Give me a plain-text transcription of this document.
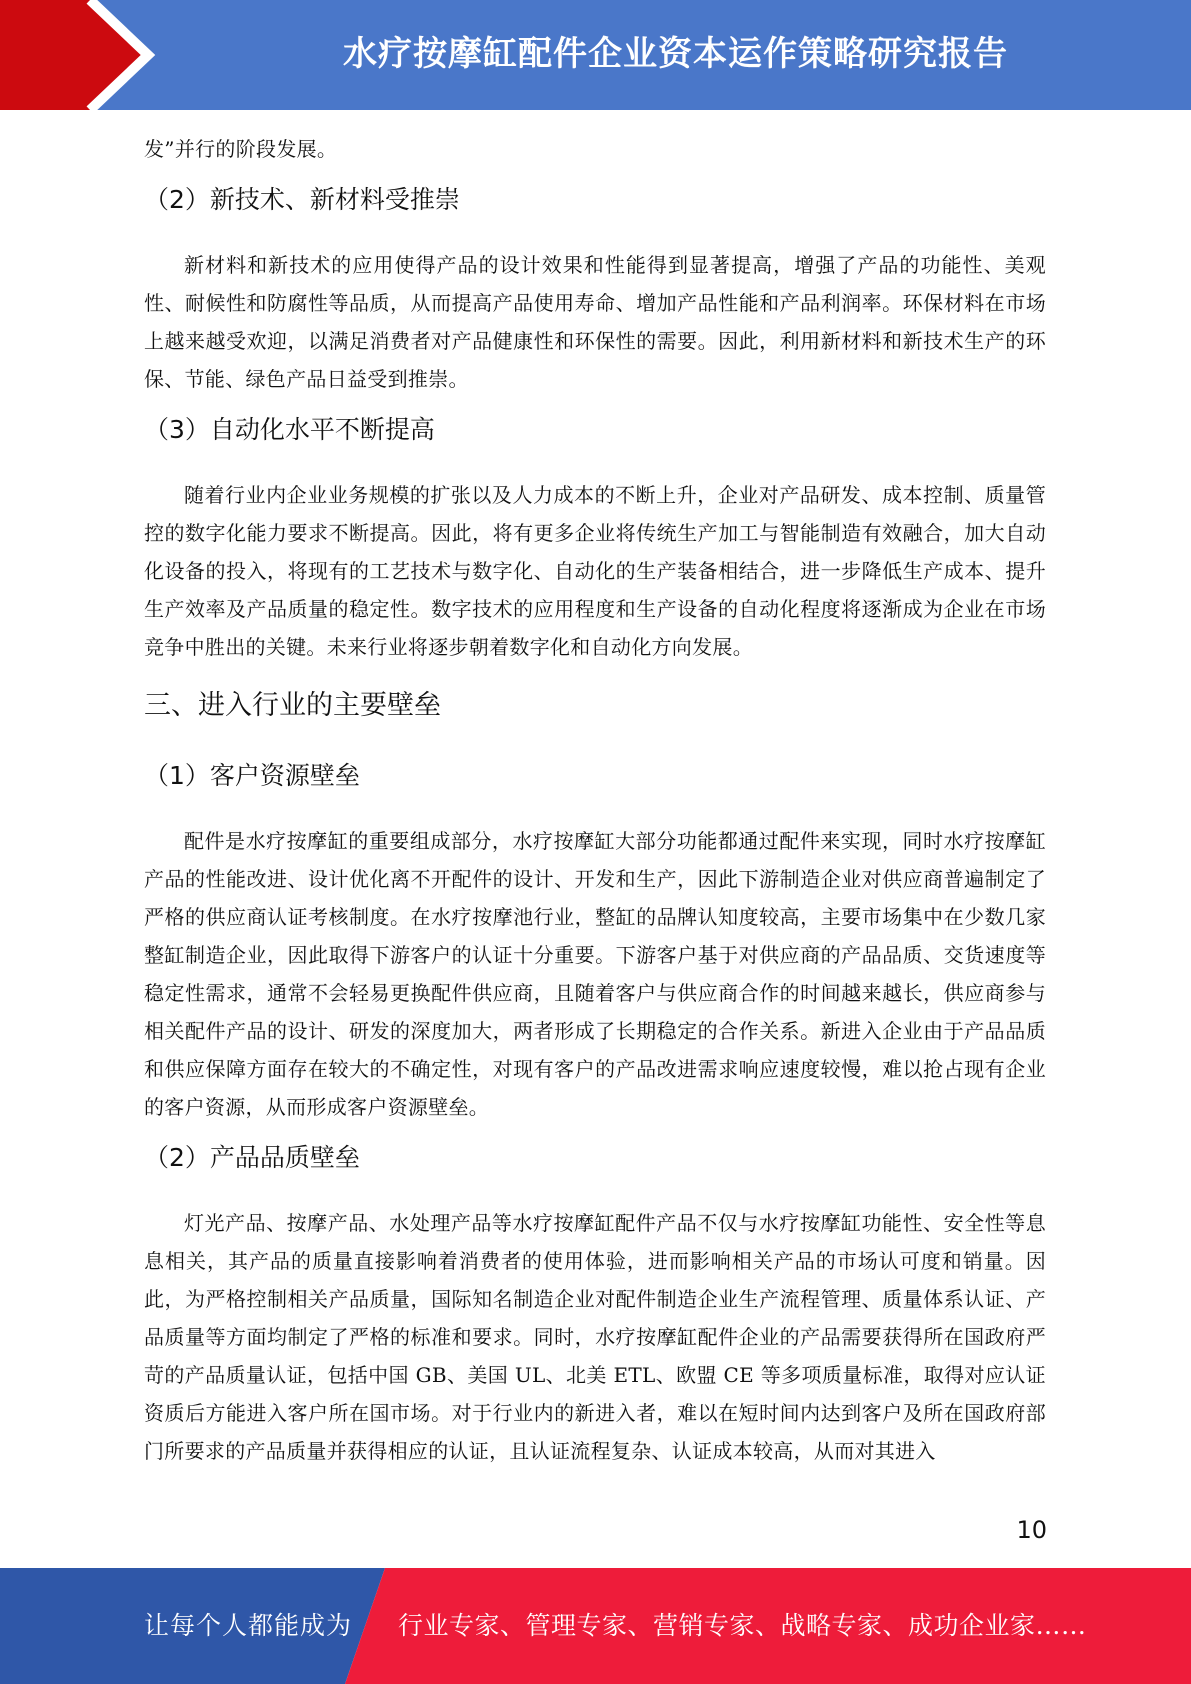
水疗按摩缸配件企业资本运作策略研究报告

发”并行的阶段发展。

（2）新技术、新材料受推崇

新材料和新技术的应用使得产品的设计效果和性能得到显著提高，增强了产品的功能性、美观性、耐候性和防腐性等品质，从而提高产品使用寿命、增加产品性能和产品利润率。环保材料在市场上越来越受欢迎，以满足消费者对产品健康性和环保性的需要。因此，利用新材料和新技术生产的环保、节能、绿色产品日益受到推崇。

（3）自动化水平不断提高

随着行业内企业业务规模的扩张以及人力成本的不断上升，企业对产品研发、成本控制、质量管控的数字化能力要求不断提高。因此，将有更多企业将传统生产加工与智能制造有效融合，加大自动化设备的投入，将现有的工艺技术与数字化、自动化的生产装备相结合，进一步降低生产成本、提升生产效率及产品质量的稳定性。数字技术的应用程度和生产设备的自动化程度将逐渐成为企业在市场竞争中胜出的关键。未来行业将逐步朝着数字化和自动化方向发展。

三、进入行业的主要壁垒
（1）客户资源壁垒

配件是水疗按摩缸的重要组成部分，水疗按摩缸大部分功能都通过配件来实现，同时水疗按摩缸产品的性能改进、设计优化离不开配件的设计、开发和生产，因此下游制造企业对供应商普遍制定了严格的供应商认证考核制度。在水疗按摩池行业，整缸的品牌认知度较高，主要市场集中在少数几家整缸制造企业，因此取得下游客户的认证十分重要。下游客户基于对供应商的产品品质、交货速度等稳定性需求，通常不会轻易更换配件供应商，且随着客户与供应商合作的时间越来越长，供应商参与相关配件产品的设计、研发的深度加大，两者形成了长期稳定的合作关系。新进入企业由于产品品质和供应保障方面存在较大的不确定性，对现有客户的产品改进需求响应速度较慢，难以抢占现有企业的客户资源，从而形成客户资源壁垒。

（2）产品品质壁垒

灯光产品、按摩产品、水处理产品等水疗按摩缸配件产品不仅与水疗按摩缸功能性、安全性等息息相关，其产品的质量直接影响着消费者的使用体验，进而影响相关产品的市场认可度和销量。因此，为严格控制相关产品质量，国际知名制造企业对配件制造企业生产流程管理、质量体系认证、产品质量等方面均制定了严格的标准和要求。同时，水疗按摩缸配件企业的产品需要获得所在国政府严苛的产品质量认证，包括中国 GB、美国 UL、北美 ETL、欧盟 CE 等多项质量标准，取得对应认证资质后方能进入客户所在国市场。对于行业内的新进入者，难以在短时间内达到客户及所在国政府部门所要求的产品质量并获得相应的认证，且认证流程复杂、认证成本较高，从而对其进入

10
让每个人都能成为 行业专家、管理专家、营销专家、战略专家、成功企业家……
